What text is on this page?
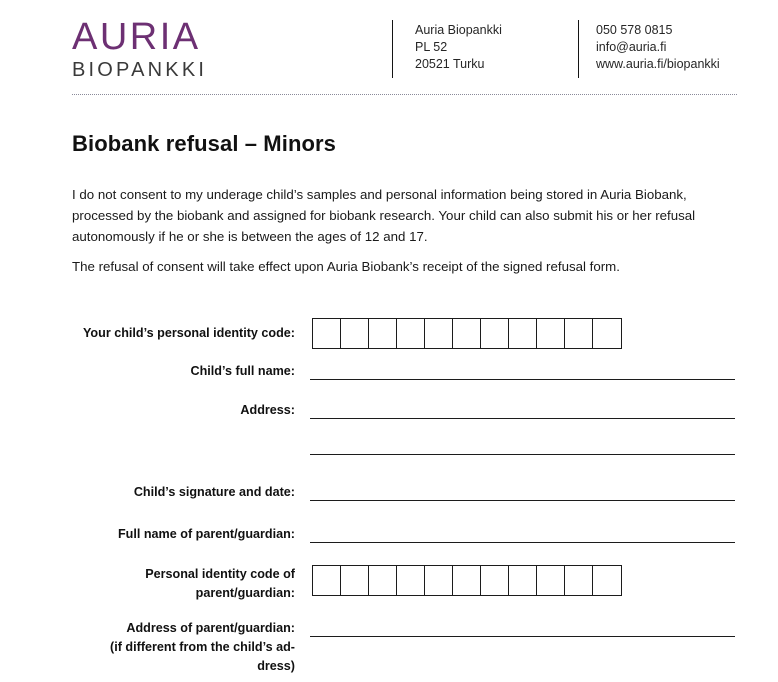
AURIA
BIOPANKKI
Auria Biopankki
PL 52
20521 Turku
050 578 0815
info@auria.fi
www.auria.fi/biopankki
Biobank refusal – Minors
I do not consent to my underage child’s samples and personal information being stored in Auria Biobank, processed by the biobank and assigned for biobank research. Your child can also submit his or her refusal autonomously if he or she is between the ages of 12 and 17.
The refusal of consent will take effect upon Auria Biobank’s receipt of the signed refusal form.
Your child’s personal identity code:
Child’s full name:
Address:
Child’s signature and date:
Full name of parent/guardian:
Personal identity code of
parent/guardian:
Address of parent/guardian:
(if different from the child’s ad-
dress)
